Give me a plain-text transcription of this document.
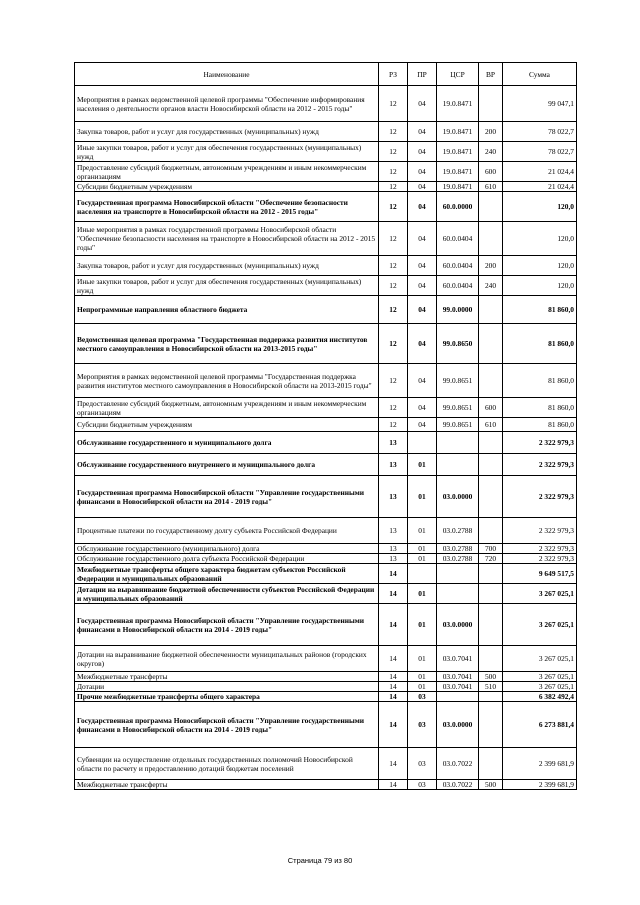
Наименование	РЗ	ПР	ЦСР	ВР	Сумма
Мероприятия в рамках ведомственной целевой программы "Обеспечение информирования населения о деятельности органов власти Новосибирской области на 2012 - 2015 годы"	12	04	19.0.8471		99 047,1
Закупка товаров, работ и услуг для государственных (муниципальных) нужд	12	04	19.0.8471	200	78 022,7
Иные закупки товаров, работ и услуг для обеспечения государственных (муниципальных) нужд	12	04	19.0.8471	240	78 022,7
Предоставление субсидий бюджетным, автономным учреждениям и иным некоммерческим организациям	12	04	19.0.8471	600	21 024,4
Субсидии бюджетным учреждениям	12	04	19.0.8471	610	21 024,4
Государственная программа Новосибирской области "Обеспечение безопасности населения на транспорте в Новосибирской области на 2012 - 2015 годы"	12	04	60.0.0000		120,0
Иные мероприятия в рамках государственной программы Новосибирской области "Обеспечение безопасности населения на транспорте в Новосибирской области на 2012 - 2015 годы"	12	04	60.0.0404		120,0
Закупка товаров, работ и услуг для государственных (муниципальных) нужд	12	04	60.0.0404	200	120,0
Иные закупки товаров, работ и услуг для обеспечения государственных (муниципальных) нужд	12	04	60.0.0404	240	120,0
Непрограммные направления областного бюджета	12	04	99.0.0000		81 860,0
Ведомственная целевая программа "Государственная поддержка развития институтов местного самоуправления в Новосибирской области на 2013-2015 годы"	12	04	99.0.8650		81 860,0
Мероприятия в рамках ведомственной целевой программы "Государственная поддержка развития институтов местного самоуправления в Новосибирской области на 2013-2015 годы"	12	04	99.0.8651		81 860,0
Предоставление субсидий бюджетным, автономным учреждениям и иным некоммерческим организациям	12	04	99.0.8651	600	81 860,0
Субсидии бюджетным учреждениям	12	04	99.0.8651	610	81 860,0
Обслуживание государственного и муниципального долга	13				2 322 979,3
Обслуживание государственного внутреннего и муниципального долга	13	01			2 322 979,3
Государственная программа Новосибирской области "Управление государственными финансами в Новосибирской области на 2014 - 2019 годы"	13	01	03.0.0000		2 322 979,3
Процентные платежи по государственному долгу субъекта Российской Федерации	13	01	03.0.2788		2 322 979,3
Обслуживание государственного (муниципального) долга	13	01	03.0.2788	700	2 322 979,3
Обслуживание государственного долга субъекта Российской Федерации	13	01	03.0.2788	720	2 322 979,3
Межбюджетные трансферты общего характера бюджетам субъектов Российской Федерации и муниципальных образований	14				9 649 517,5
Дотации на выравнивание бюджетной обеспеченности субъектов Российской Федерации и муниципальных образований	14	01			3 267 025,1
Государственная программа Новосибирской области "Управление государственными финансами в Новосибирской области на 2014 - 2019 годы"	14	01	03.0.0000		3 267 025,1
Дотации на выравнивание бюджетной обеспеченности муниципальных районов (городских округов)	14	01	03.0.7041		3 267 025,1
Межбюджетные трансферты	14	01	03.0.7041	500	3 267 025,1
Дотации	14	01	03.0.7041	510	3 267 025,1
Прочие межбюджетные трансферты общего характера	14	03			6 382 492,4
Государственная программа Новосибирской области "Управление государственными финансами в Новосибирской области на 2014 - 2019 годы"	14	03	03.0.0000		6 273 881,4
Субвенции на осуществление отдельных государственных полномочий Новосибирской области по расчету и предоставлению дотаций бюджетам поселений	14	03	03.0.7022		2 399 681,9
Межбюджетные трансферты	14	03	03.0.7022	500	2 399 681,9
Страница 79 из 80
